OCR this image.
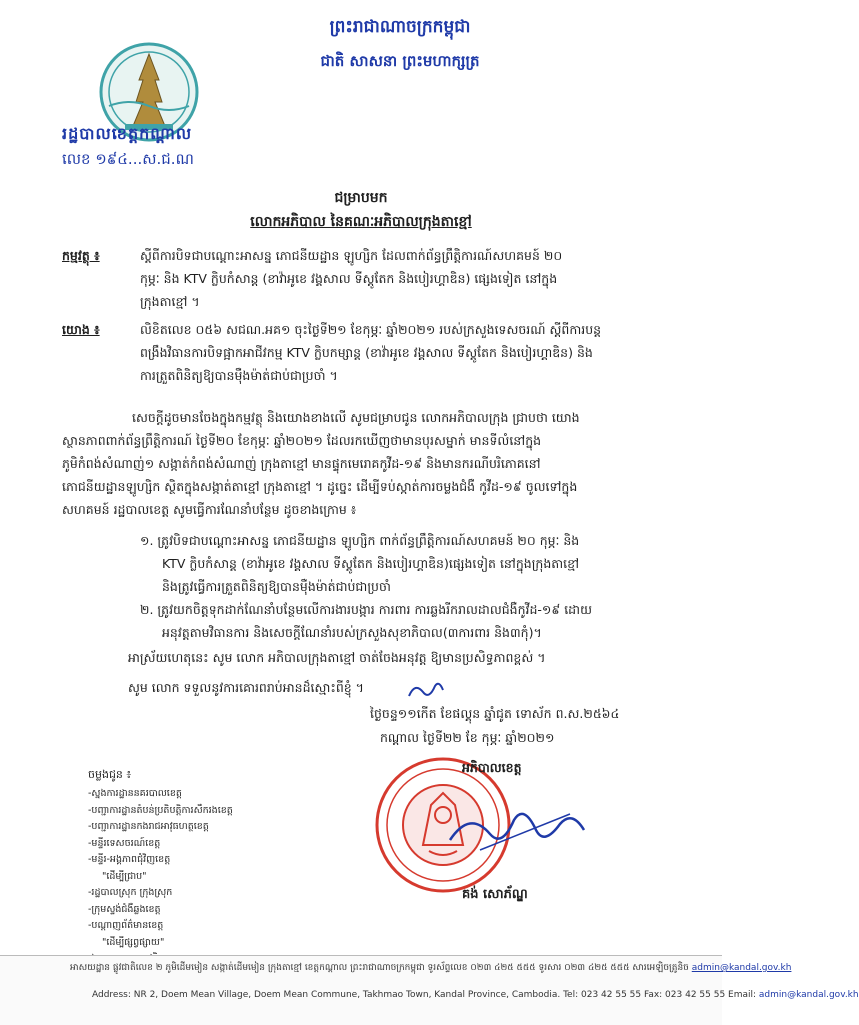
ព្រះរាជាណាចក្រកម្ពុជា
ជាតិ សាសនា ព្រះមហាក្សត្រ
រដ្ឋបាលខេត្តកណ្តាល
លេខ ១៩៤...ស.ជ.ណ
ជម្រាបមក
លោកអភិបាល នៃគណៈអភិបាលក្រុងតាខ្មៅ
កម្មវត្ថុ ៖	ស្តីពីការបិទជាបណ្តោះអាសន្ន ភោជនីយដ្ឋាន ឡូហ្សិក ដែលពាក់ព័ន្ធព្រឹត្តិការណ៍សហគមន៍ ២០
កុម្ភៈ និង KTV ក្លិបកំសាន្ត (ខាវ៉ាអូខេ វង្គសាល ទីស្តូតែក និងបៀរហ្គាឌិន) ផ្សេងទៀត នៅក្នុង
ក្រុងតាខ្មៅ ។
យោង ៖	លិខិតលេខ ០៥៦ សជណ.អគ១ ចុះថ្ងៃទី២១ ខែកុម្ភៈ ឆ្នាំ២០២១ របស់ក្រសួងទេសចរណ៍ ស្តីពីការបន្ត
ពង្រឹងវិធានការបិទផ្អាកអាជីវកម្ម KTV ក្លិបកម្សាន្ត (ខាវ៉ាអូខេ វង្គសាល ទីស្តូតែក និងបៀរហ្គាឌិន) និង
ការត្រួតពិនិត្យឱ្យបានម៉ឺងម៉ាត់ជាប់ជាប្រចាំ ។
សេចក្តីដូចមានចែងក្នុងកម្មវត្ថុ និងយោងខាងលើ សូមជម្រាបជូន លោកអភិបាលក្រុង ជ្រាបថា យោង
ស្ថានភាពពាក់ព័ន្ធព្រឹត្តិការណ៍ ថ្ងៃទី២០ ខែកុម្ភៈ ឆ្នាំ២០២១ ដែលរកឃើញថាមានបុរសម្នាក់ មានទីលំនៅក្នុង
ភូមិកំពង់សំណាញ់១ សង្កាត់កំពង់សំណាញ់ ក្រុងតាខ្មៅ មានផ្ទុកមេរោគកូវីដ-១៩ និងមានករណីបរិភោគនៅ
ភោជនីយដ្ឋានឡូហ្សិក ស្ថិតក្នុងសង្កាត់តាខ្មៅ ក្រុងតាខ្មៅ ។ ដូច្នេះ ដើម្បីទប់ស្កាត់ការចម្លងជំងឺ កូវីដ-១៩ ចូលទៅក្នុង
សហគមន៍ រដ្ឋបាលខេត្ត សូមធ្វើការណែនាំបន្ថែម ដូចខាងក្រោម ៖
១. ត្រូវបិទជាបណ្តោះអាសន្ន ភោជនីយដ្ឋាន ឡូហ្សិក ពាក់ព័ន្ធព្រឹត្តិការណ៍សហគមន៍ ២០ កុម្ភៈ និង
KTV ក្លិបកំសាន្ត (ខាវ៉ាអូខេ វង្គសាល ទីស្តូតែក និងបៀរហ្គាឌិន)ផ្សេងទៀត នៅក្នុងក្រុងតាខ្មៅ
និងត្រូវធ្វើការត្រួតពិនិត្យឱ្យបានម៉ឺងម៉ាត់ជាប់ជាប្រចាំ
២. ត្រូវយកចិត្តទុកដាក់ណែនាំបន្ថែមលើការងារបង្ការ ការពារ ការឆ្លងរីករាលដាលជំងឺកូវីដ-១៩ ដោយ
អនុវត្តតាមវិធានការ និងសេចក្តីណែនាំរបស់ក្រសួងសុខាភិបាល(៣ការពារ និង៣កុំ)។
អាស្រ័យហេតុនេះ សូម លោក អភិបាលក្រុងតាខ្មៅ ចាត់ចែងអនុវត្ត ឱ្យមានប្រសិទ្ធភាពខ្ពស់ ។
សូម លោក ទទួលនូវការគោរពរាប់អានដ៏ស្មោះពីខ្ញុំ ។
ថ្ងៃចន្ទ១១កើត ខែផល្គុន ឆ្នាំជូត ទោស័ក ព.ស.២៥៦៤
កណ្តាល ថ្ងៃទី២២ ខែ កុម្ភៈ ឆ្នាំ២០២១
អភិបាលខេត្ត
គង់ សោភ័ណ្ឌ
ចម្លងជូន ៖
-ស្នងការដ្ឋាននគរបាលខេត្ត
-បញ្ជាការដ្ឋានតំបន់ប្រតិបត្តិការសឹករងខេត្ត
-បញ្ជាការដ្ឋានកងរាជអាវុធហត្ថខេត្ត
-មន្ទីរទេសចរណ៍ខេត្ត
-មន្ទីរ-អង្គភាពជុំវិញខេត្ត
"ដើម្បីជ្រាប"
-រដ្ឋបាលស្រុក ក្រុងស្រុក
-ក្រុមស្ទង់ជំងឺឆ្លងខេត្ត
-បណ្តាញព័ត៌មានខេត្ត
"ដើម្បីផ្សព្វផ្សាយ"
អាសយដ្ឋាន ផ្លូវជាតិលេខ ២ ភូមិដើមមៀន សង្កាត់ដើមមៀន ក្រុងតាខ្មៅ ខេត្តកណ្តាល ព្រះរាជាណាចក្រកម្ពុជា ទូរស័ព្ទលេខ ០២៣ ៤២៥ ៥៥៥ ទូរសារ ០២៣ ៤២៥ ៥៥៥ សារអេឡិចត្រូនិច admin@kandal.gov.kh
Address: NR 2, Doem Mean Village, Doem Mean Commune, Takhmao Town, Kandal Province, Cambodia. Tel: 023 42 55 55 Fax: 023 42 55 55 Email: admin@kandal.gov.kh
